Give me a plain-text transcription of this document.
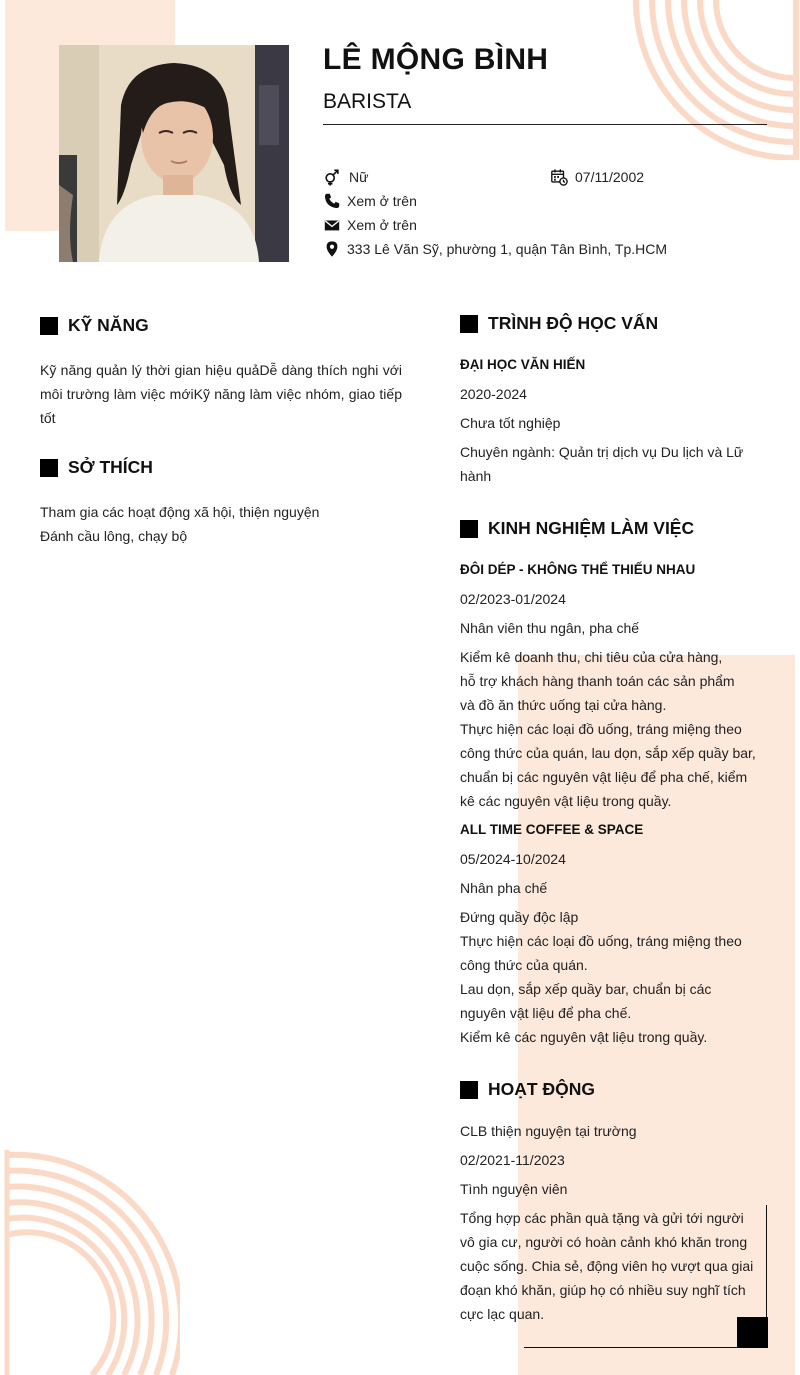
LÊ MỘNG BÌNH
BARISTA
Nữ	07/11/2002
Xem ở trên
Xem ở trên
333 Lê Văn Sỹ, phường 1, quận Tân Bình, Tp.HCM
KỸ NĂNG
Kỹ năng quản lý thời gian hiệu quảDễ dàng thích nghi với môi trường làm việc mớiKỹ năng làm việc nhóm, giao tiếp tốt
SỞ THÍCH
Tham gia các hoạt động xã hội, thiện nguyện
Đánh cầu lông, chạy bộ
TRÌNH ĐỘ HỌC VẤN
ĐẠI HỌC VĂN HIẾN
2020-2024
Chưa tốt nghiệp
Chuyên ngành: Quản trị dịch vụ Du lịch và Lữ hành
KINH NGHIỆM LÀM VIỆC
ĐÔI DÉP - KHÔNG THỂ THIẾU NHAU
02/2023-01/2024
Nhân viên thu ngân, pha chế
Kiểm kê doanh thu, chi tiêu của cửa hàng, hỗ trợ khách hàng thanh toán các sản phẩm và đồ ăn thức uống tại cửa hàng.
Thực hiện các loại đồ uống, tráng miệng theo công thức của quán, lau dọn, sắp xếp quầy bar, chuẩn bị các nguyên vật liệu để pha chế, kiểm kê các nguyên vật liệu trong quầy.
ALL TIME COFFEE & SPACE
05/2024-10/2024
Nhân pha chế
Đứng quầy độc lập
Thực hiện các loại đồ uống, tráng miệng theo công thức của quán.
Lau dọn, sắp xếp quầy bar, chuẩn bị các nguyên vật liệu để pha chế.
Kiểm kê các nguyên vật liệu trong quầy.
HOẠT ĐỘNG
CLB thiện nguyện tại trường
02/2021-11/2023
Tình nguyện viên
Tổng hợp các phần quà tặng và gửi tới người vô gia cư, người có hoàn cảnh khó khăn trong cuộc sống. Chia sẻ, động viên họ vượt qua giai đoạn khó khăn, giúp họ có nhiều suy nghĩ tích cực lạc quan.
